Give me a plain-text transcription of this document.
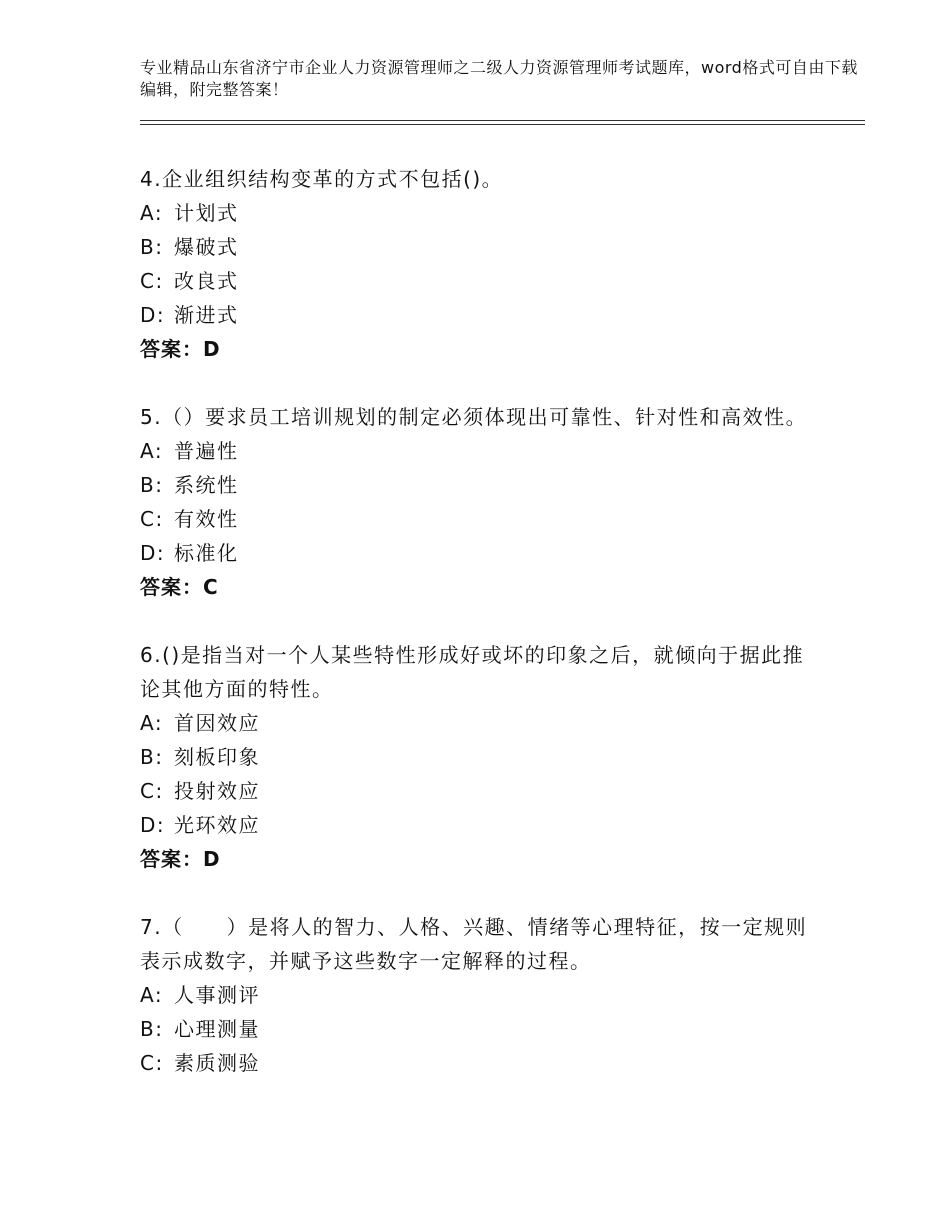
专业精品山东省济宁市企业人力资源管理师之二级人力资源管理师考试题库，word格式可自由下载编辑，附完整答案！
4.企业组织结构变革的方式不包括()。
A: 计划式
B: 爆破式
C: 改良式
D: 渐进式
答案：D
5.（）要求员工培训规划的制定必须体现出可靠性、针对性和高效性。
A: 普遍性
B: 系统性
C: 有效性
D: 标准化
答案：C
6.()是指当对一个人某些特性形成好或坏的印象之后，就倾向于据此推论其他方面的特性。
A: 首因效应
B: 刻板印象
C: 投射效应
D: 光环效应
答案：D
7.（　　）是将人的智力、人格、兴趣、情绪等心理特征，按一定规则表示成数字，并赋予这些数字一定解释的过程。
A: 人事测评
B: 心理测量
C: 素质测验
